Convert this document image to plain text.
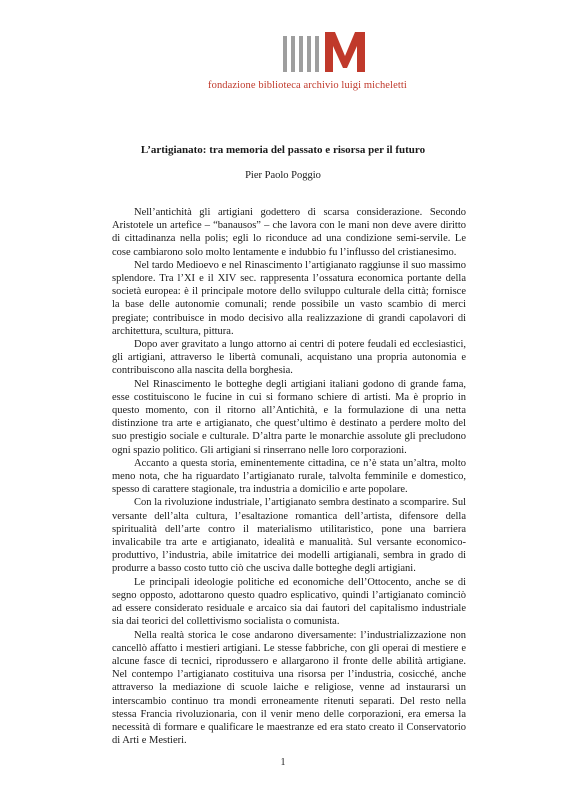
fondazione biblioteca archivio luigi micheletti
L’artigianato: tra memoria del passato e risorsa per il futuro
Pier Paolo Poggio

Nell’antichità gli artigiani godettero di scarsa considerazione. Secondo Aristotele un artefice – “banausos” – che lavora con le mani non deve avere diritto di cittadinanza nella polis; egli lo riconduce ad una condizione semi-servile. Le cose cambiarono solo molto lentamente e indubbio fu l’influsso del cristianesimo.

Nel tardo Medioevo e nel Rinascimento l’artigianato raggiunse il suo massimo splendore. Tra l’XI e il XIV sec. rappresenta l’ossatura economica portante della società europea: è il principale motore dello sviluppo culturale della città; fornisce la base delle autonomie comunali; rende possibile un vasto scambio di merci pregiate; contribuisce in modo decisivo alla realizzazione di grandi capolavori di architettura, scultura, pittura.

Dopo aver gravitato a lungo attorno ai centri di potere feudali ed ecclesiastici, gli artigiani, attraverso le libertà comunali, acquistano una propria autonomia e contribuiscono alla nascita della borghesia.

Nel Rinascimento le botteghe degli artigiani italiani godono di grande fama, esse costituiscono le fucine in cui si formano schiere di artisti. Ma è proprio in questo momento, con il ritorno all’Antichità, e la formulazione di una netta distinzione tra arte e artigianato, che quest’ultimo è destinato a perdere molto del suo prestigio sociale e culturale. D’altra parte le monarchie assolute gli precludono ogni spazio politico. Gli artigiani si rinserrano nelle loro corporazioni.

Accanto a questa storia, eminentemente cittadina, ce n’è stata un’altra, molto meno nota, che ha riguardato l’artigianato rurale, talvolta femminile e domestico, spesso di carattere stagionale, tra industria a domicilio e arte popolare.

Con la rivoluzione industriale, l’artigianato sembra destinato a scomparire. Sul versante dell’alta cultura, l’esaltazione romantica dell’artista, difensore della spiritualità dell’arte contro il materialismo utilitaristico, pone una barriera invalicabile tra arte e artigianato, idealità e manualità. Sul versante economico-produttivo, l’industria, abile imitatrice dei modelli artigianali, sembra in grado di produrre a basso costo tutto ciò che usciva dalle botteghe degli artigiani.

Le principali ideologie politiche ed economiche dell’Ottocento, anche se di segno opposto, adottarono questo quadro esplicativo, quindi l’artigianato cominciò ad essere considerato residuale e arcaico sia dai fautori del capitalismo industriale sia dai teorici del collettivismo socialista o comunista.

Nella realtà storica le cose andarono diversamente: l’industrializzazione non cancellò affatto i mestieri artigiani. Le stesse fabbriche, con gli operai di mestiere e alcune fasce di tecnici, riprodussero e allargarono il fronte delle abilità artigiane. Nel contempo l’artigianato costituiva una risorsa per l’industria, cosicché, anche attraverso la mediazione di scuole laiche e religiose, venne ad instaurarsi un interscambio continuo tra mondi erroneamente ritenuti separati. Del resto nella stessa Francia rivoluzionaria, con il venir meno delle corporazioni, era emersa la necessità di formare e qualificare le maestranze ed era stato creato il Conservatorio di Arti e Mestieri.

1
